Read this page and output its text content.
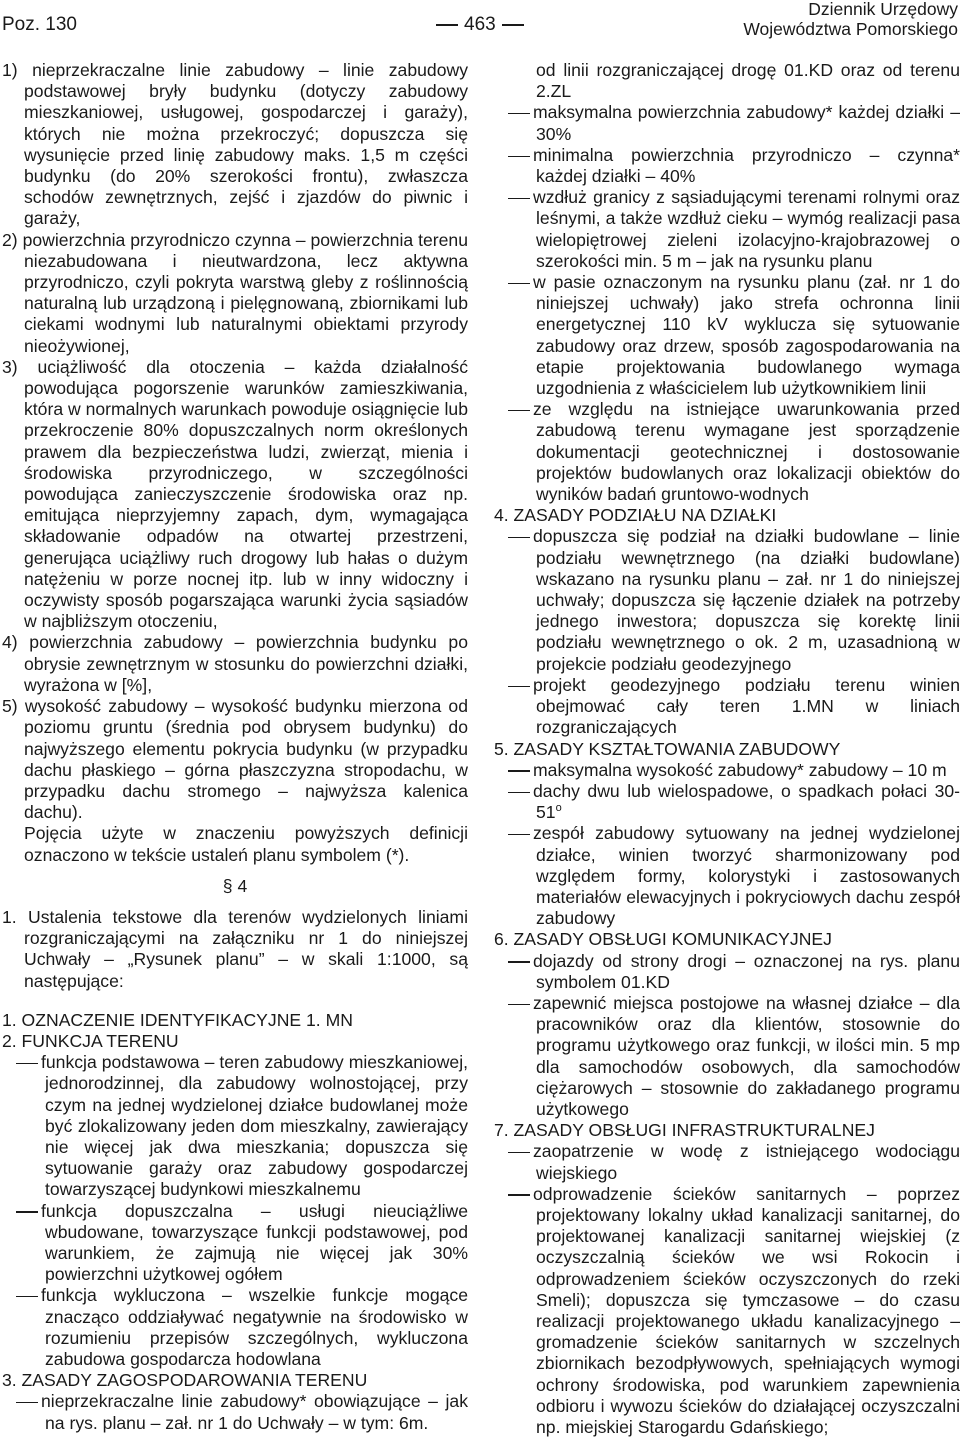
Poz. 130	463
Dziennik Urzędowy
Województwa Pomorskiego

1) nieprzekraczalne linie zabudowy – linie zabudowy podstawowej bryły budynku (dotyczy zabudowy mieszkaniowej, usługowej, gospodarczej i garaży), których nie można przekroczyć; dopuszcza się wysunięcie przed linię zabudowy maks. 1,5 m części budynku (do 20% szerokości frontu), zwłaszcza schodów zewnętrznych, zejść i zjazdów do piwnic i garaży,

2) powierzchnia przyrodniczo czynna – powierzchnia terenu niezabudowana i nieutwardzona, lecz aktywna przyrodniczo, czyli pokryta warstwą gleby z roślinnością naturalną lub urządzoną i pielęgnowaną, zbiornikami lub ciekami wodnymi lub naturalnymi obiektami przyrody nieożywionej,

3) uciążliwość dla otoczenia – każda działalność powodująca pogorszenie warunków zamieszkiwania, która w normalnych warunkach powoduje osiągnięcie lub przekroczenie 80% dopuszczalnych norm określonych prawem dla bezpieczeństwa ludzi, zwierząt, mienia i środowiska przyrodniczego, w szczególności powodująca zanieczyszczenie środowiska oraz np. emitująca nieprzyjemny zapach, dym, wymagająca składowanie odpadów na otwartej przestrzeni, generująca uciążliwy ruch drogowy lub hałas o dużym natężeniu w porze nocnej itp. lub w inny widoczny i oczywisty sposób pogarszająca warunki życia sąsiadów w najbliższym otoczeniu,

4) powierzchnia zabudowy – powierzchnia budynku po obrysie zewnętrznym w stosunku do powierzchni działki, wyrażona w [%],

5) wysokość zabudowy – wysokość budynku mierzona od poziomu gruntu (średnia pod obrysem budynku) do najwyższego elementu pokrycia budynku (w przypadku dachu płaskiego – górna płaszczyzna stropodachu, w przypadku dachu stromego – najwyższa kalenica dachu).

Pojęcia użyte w znaczeniu powyższych definicji oznaczono w tekście ustaleń planu symbolem (*).

§ 4

1. Ustalenia tekstowe dla terenów wydzielonych liniami rozgraniczającymi na załączniku nr 1 do niniejszej Uchwały – „Rysunek planu” – w skali 1:1000, są następujące:

1. OZNACZENIE IDENTYFIKACYJNE 1. MN

2. FUNKCJA TERENU

funkcja podstawowa – teren zabudowy mieszkaniowej, jednorodzinnej, dla zabudowy wolnostojącej, przy czym na jednej wydzielonej działce budowlanej może być zlokalizowany jeden dom mieszkalny, zawierający nie więcej jak dwa mieszkania; dopuszcza się sytuowanie garaży oraz zabudowy gospodarczej towarzyszącej budynkowi mieszkalnemu

funkcja dopuszczalna – usługi nieuciążliwe wbudowane, towarzyszące funkcji podstawowej, pod warunkiem, że zajmują nie więcej jak 30% powierzchni użytkowej ogółem

funkcja wykluczona – wszelkie funkcje mogące znacząco oddziaływać negatywnie na środowisko w rozumieniu przepisów szczególnych, wykluczona zabudowa gospodarcza hodowlana

3. ZASADY ZAGOSPODAROWANIA TERENU

nieprzekraczalne linie zabudowy* obowiązujące – jak na rys. planu – zał. nr 1 do Uchwały – w tym: 6m.

od linii rozgraniczającej drogę 01.KD oraz od terenu 2.ZL

maksymalna powierzchnia zabudowy* każdej działki – 30%

minimalna powierzchnia przyrodniczo – czynna* każdej działki – 40%

wzdłuż granicy z sąsiadującymi terenami rolnymi oraz leśnymi, a także wzdłuż cieku – wymóg realizacji pasa wielopiętrowej zieleni izolacyjno-krajobrazowej o szerokości min. 5 m – jak na rysunku planu

w pasie oznaczonym na rysunku planu (zał. nr 1 do niniejszej uchwały) jako strefa ochronna linii energetycznej 110 kV wyklucza się sytuowanie zabudowy oraz drzew, sposób zagospodarowania na etapie projektowania budowlanego wymaga uzgodnienia z właścicielem lub użytkownikiem linii

ze względu na istniejące uwarunkowania przed zabudową terenu wymagane jest sporządzenie dokumentacji geotechnicznej i dostosowanie projektów budowlanych oraz lokalizacji obiektów do wyników badań gruntowo-wodnych

4. ZASADY PODZIAŁU NA DZIAŁKI

dopuszcza się podział na działki budowlane – linie podziału wewnętrznego (na działki budowlane) wskazano na rysunku planu – zał. nr 1 do niniejszej uchwały; dopuszcza się łączenie działek na potrzeby jednego inwestora; dopuszcza się korektę linii podziału wewnętrznego o ok. 2 m, uzasadnioną w projekcie podziału geodezyjnego

projekt geodezyjnego podziału terenu winien obejmować cały teren 1.MN w liniach rozgraniczających

5. ZASADY KSZTAŁTOWANIA ZABUDOWY

maksymalna wysokość zabudowy* zabudowy – 10 m

dachy dwu lub wielospadowe, o spadkach połaci 30-51$^o$

zespół zabudowy sytuowany na jednej wydzielonej działce, winien tworzyć sharmonizowany pod względem formy, kolorystyki i zastosowanych materiałów elewacyjnych i pokryciowych dachu zespół zabudowy

6. ZASADY OBSŁUGI KOMUNIKACYJNEJ

dojazdy od strony drogi – oznaczonej na rys. planu symbolem 01.KD

zapewnić miejsca postojowe na własnej działce – dla pracowników oraz dla klientów, stosownie do programu użytkowego oraz funkcji, w ilości min. 5 mp dla samochodów osobowych, dla samochodów ciężarowych – stosownie do zakładanego programu użytkowego

7. ZASADY OBSŁUGI INFRASTRUKTURALNEJ

zaopatrzenie w wodę z istniejącego wodociągu wiejskiego

odprowadzenie ścieków sanitarnych – poprzez projektowany lokalny układ kanalizacji sanitarnej, do projektowanej kanalizacji sanitarnej wiejskiej (z oczyszczalnią ścieków we wsi Rokocin i odprowadzeniem ścieków oczyszczonych do rzeki Smeli); dopuszcza się tymczasowe – do czasu realizacji projektowanego układu kanalizacyjnego – gromadzenie ścieków sanitarnych w szczelnych zbiornikach bezodpływowych, spełniających wymogi ochrony środowiska, pod warunkiem zapewnienia odbioru i wywozu ścieków do działającej oczyszczalni np. miejskiej Starogardu Gdańskiego;
